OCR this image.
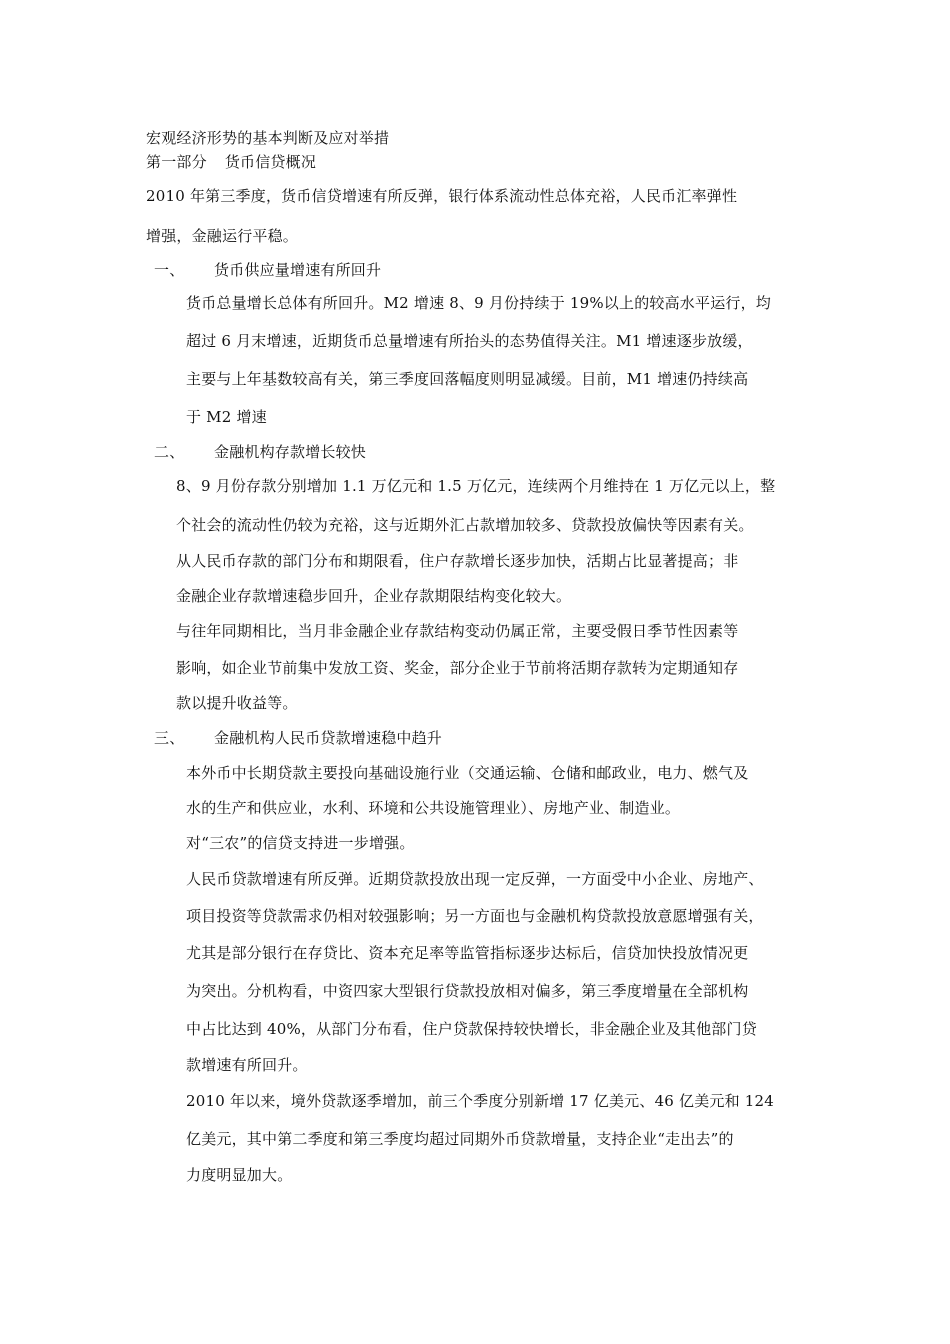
宏观经济形势的基本判断及应对举措
第一部分 货币信贷概况
2010 年第三季度，货币信贷增速有所反弹，银行体系流动性总体充裕，人民币汇率弹性
增强，金融运行平稳。
一、 货币供应量增速有所回升
货币总量增长总体有所回升。M2 增速 8、9 月份持续于 19%以上的较高水平运行，均
超过 6 月末增速，近期货币总量增速有所抬头的态势值得关注。M1 增速逐步放缓，
主要与上年基数较高有关，第三季度回落幅度则明显减缓。目前，M1 增速仍持续高
于 M2 增速
二、 金融机构存款增长较快
8、9 月份存款分别增加 1.1 万亿元和 1.5 万亿元，连续两个月维持在 1 万亿元以上，整
个社会的流动性仍较为充裕，这与近期外汇占款增加较多、贷款投放偏快等因素有关。
从人民币存款的部门分布和期限看，住户存款增长逐步加快，活期占比显著提高；非
金融企业存款增速稳步回升，企业存款期限结构变化较大。
与往年同期相比，当月非金融企业存款结构变动仍属正常，主要受假日季节性因素等
影响，如企业节前集中发放工资、奖金，部分企业于节前将活期存款转为定期通知存
款以提升收益等。
三、 金融机构人民币贷款增速稳中趋升
本外币中长期贷款主要投向基础设施行业（交通运输、仓储和邮政业，电力、燃气及
水的生产和供应业，水利、环境和公共设施管理业）、房地产业、制造业。
对“三农”的信贷支持进一步增强。
人民币贷款增速有所反弹。近期贷款投放出现一定反弹，一方面受中小企业、房地产、
项目投资等贷款需求仍相对较强影响；另一方面也与金融机构贷款投放意愿增强有关，
尤其是部分银行在存贷比、资本充足率等监管指标逐步达标后，信贷加快投放情况更
为突出。分机构看，中资四家大型银行贷款投放相对偏多，第三季度增量在全部机构
中占比达到 40%，从部门分布看，住户贷款保持较快增长，非金融企业及其他部门贷
款增速有所回升。
2010 年以来，境外贷款逐季增加，前三个季度分别新增 17 亿美元、46 亿美元和 124
亿美元，其中第二季度和第三季度均超过同期外币贷款增量，支持企业“走出去”的
力度明显加大。
